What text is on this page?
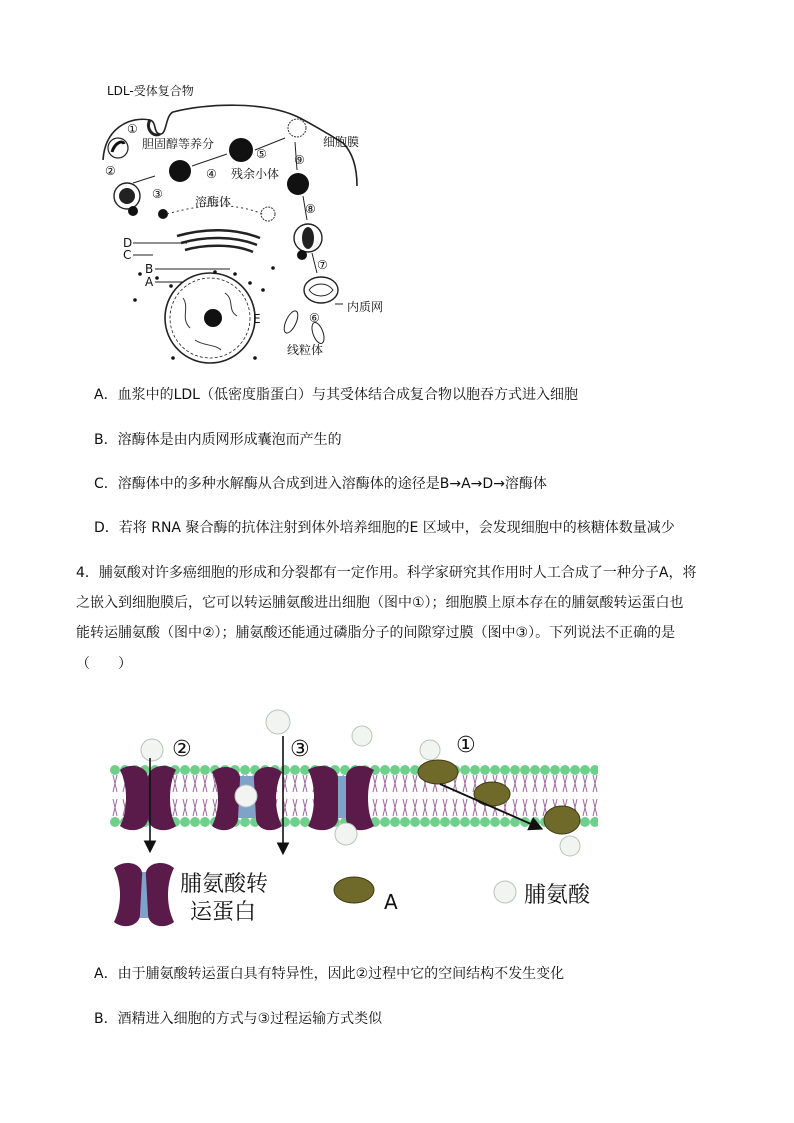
LDL-受体复合物
胆固醇等养分	细胞膜
残余小体
溶酶体
内质网
线粒体
D
C
B
A
E
①
②
③
④
⑤
⑥
⑦
⑧
⑨
A．血浆中的LDL（低密度脂蛋白）与其受体结合成复合物以胞吞方式进入细胞
B．溶酶体是由内质网形成囊泡而产生的
C．溶酶体中的多种水解酶从合成到进入溶酶体的途径是B→A→D→溶酶体
D．若将 RNA 聚合酶的抗体注射到体外培养细胞的E 区域中，会发现细胞中的核糖体数量减少
4．脯氨酸对许多癌细胞的形成和分裂都有一定作用。科学家研究其作用时人工合成了一种分子A，将
之嵌入到细胞膜后，它可以转运脯氨酸进出细胞（图中①）；细胞膜上原本存在的脯氨酸转运蛋白也
能转运脯氨酸（图中②）；脯氨酸还能通过磷脂分子的间隙穿过膜（图中③）。下列说法不正确的是
（　　）
②	③	①
脯氨酸转
运蛋白	A	脯氨酸
A．由于脯氨酸转运蛋白具有特异性，因此②过程中它的空间结构不发生变化
B．酒精进入细胞的方式与③过程运输方式类似
